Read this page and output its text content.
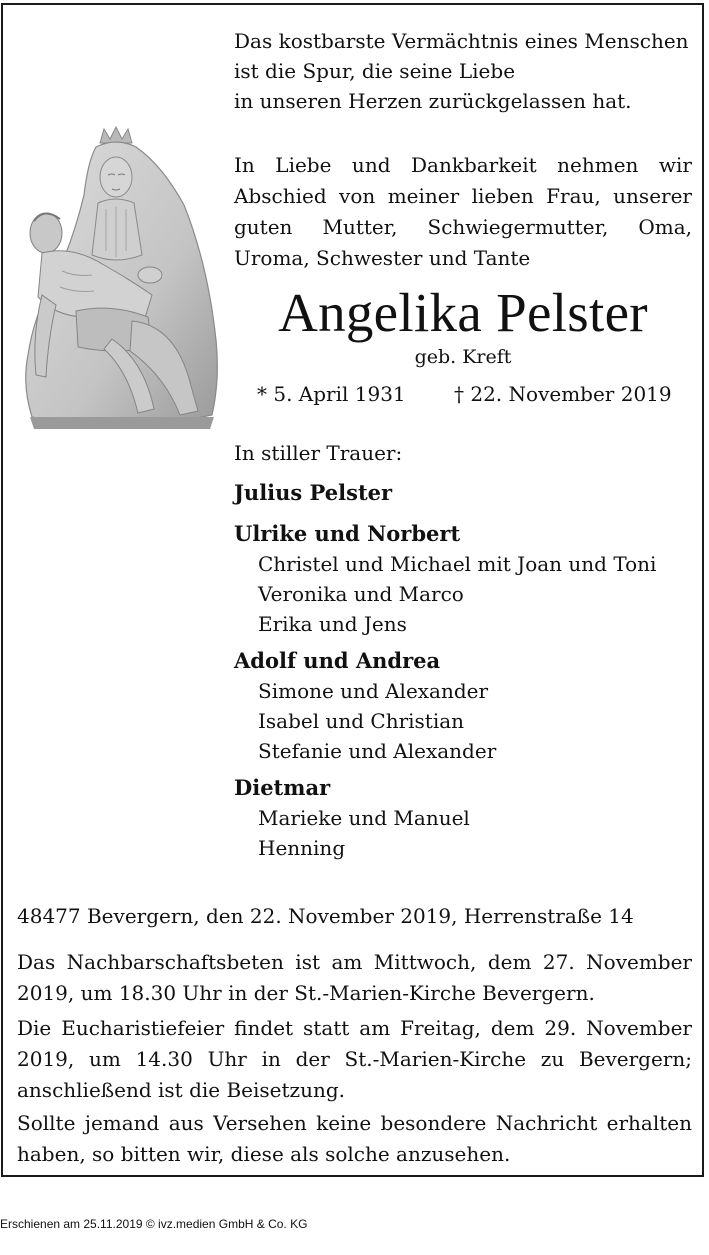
Das kostbarste Vermächtnis eines Menschen
ist die Spur, die seine Liebe
in unseren Herzen zurückgelassen hat.
In Liebe und Dankbarkeit nehmen wir Abschied von meiner lieben Frau, unserer guten Mutter, Schwiegermutter, Oma, Uroma, Schwester und Tante
Angelika Pelster
geb. Kreft
* 5. April 1931 † 22. November 2019
In stiller Trauer:
Julius Pelster
Ulrike und Norbert
Christel und Michael mit Joan und Toni
Veronika und Marco
Erika und Jens
Adolf und Andrea
Simone und Alexander
Isabel und Christian
Stefanie und Alexander
Dietmar
Marieke und Manuel
Henning
48477 Bevergern, den 22. November 2019, Herrenstraße 14
Das Nachbarschaftsbeten ist am Mittwoch, dem 27. November 2019, um 18.30 Uhr in der St.-Marien-Kirche Bevergern.
Die Eucharistiefeier findet statt am Freitag, dem 29. November 2019, um 14.30 Uhr in der St.-Marien-Kirche zu Bevergern; anschließend ist die Beisetzung.
Sollte jemand aus Versehen keine besondere Nachricht erhalten haben, so bitten wir, diese als solche anzusehen.
Erschienen am 25.11.2019 © ivz.medien GmbH & Co. KG
